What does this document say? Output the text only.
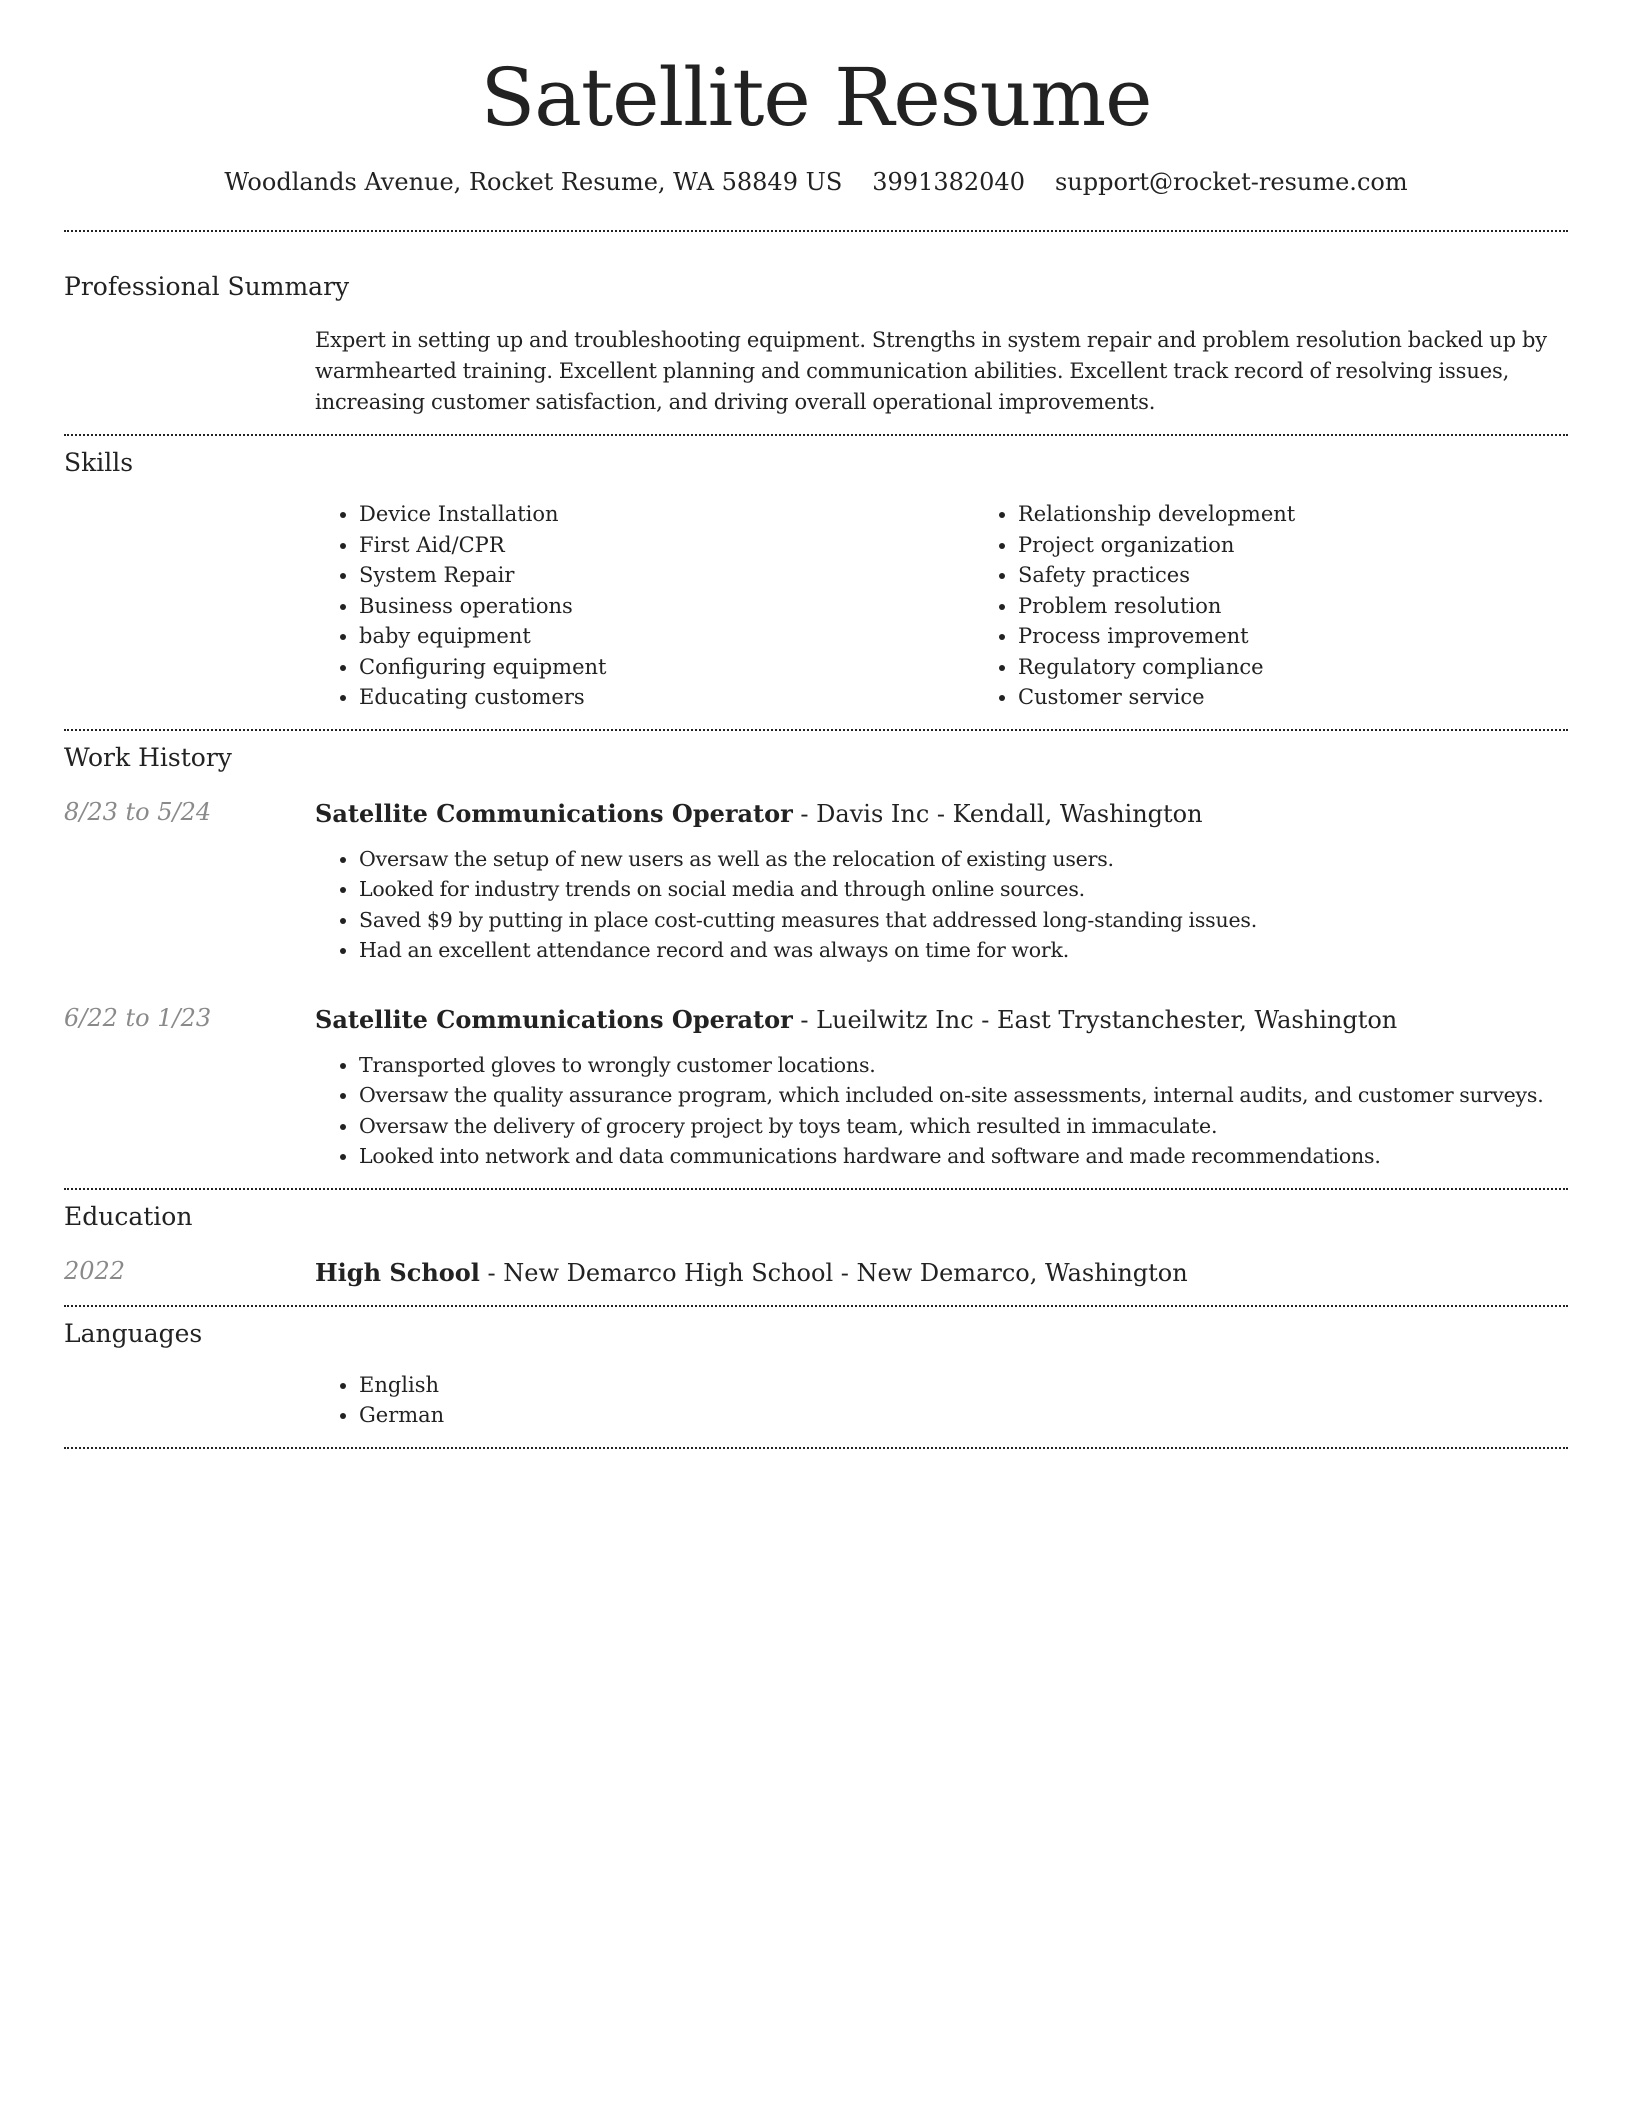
Satellite Resume
Woodlands Avenue, Rocket Resume, WA 58849 US 3991382040 support@rocket-resume.com
Professional Summary

Expert in setting up and troubleshooting equipment. Strengths in system repair and problem resolution backed up by warmhearted training. Excellent planning and communication abilities. Excellent track record of resolving issues, increasing customer satisfaction, and driving overall operational improvements.

Skills
• Device Installation
• First Aid/CPR
• System Repair
• Business operations
• baby equipment
• Configuring equipment
• Educating customers
• Relationship development
• Project organization
• Safety practices
• Problem resolution
• Process improvement
• Regulatory compliance
• Customer service
Work History
8/23 to 5/24	Satellite Communications Operator - Davis Inc - Kendall, Washington
• Oversaw the setup of new users as well as the relocation of existing users.
• Looked for industry trends on social media and through online sources.
• Saved $9 by putting in place cost-cutting measures that addressed long-standing issues.
• Had an excellent attendance record and was always on time for work.
6/22 to 1/23	Satellite Communications Operator - Lueilwitz Inc - East Trystanchester, Washington
• Transported gloves to wrongly customer locations.
• Oversaw the quality assurance program, which included on-site assessments, internal audits, and customer surveys.
• Oversaw the delivery of grocery project by toys team, which resulted in immaculate.
• Looked into network and data communications hardware and software and made recommendations.
Education
2022	High School - New Demarco High School - New Demarco, Washington
Languages
• English
• German
